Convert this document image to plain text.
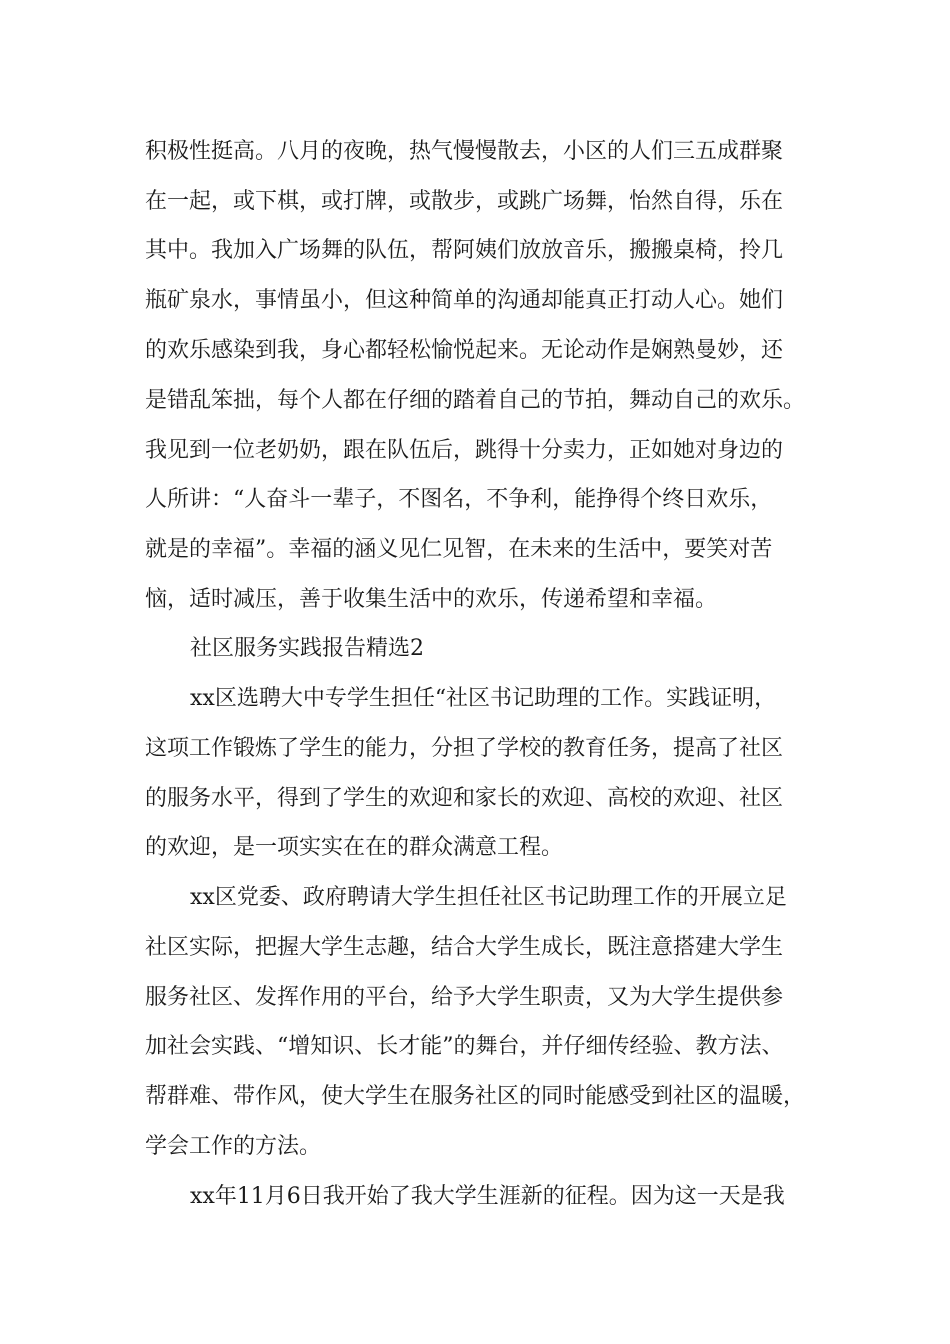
积极性挺高。八月的夜晚，热气慢慢散去，小区的人们三五成群聚
在一起，或下棋，或打牌，或散步，或跳广场舞，怡然自得，乐在
其中。我加入广场舞的队伍，帮阿姨们放放音乐，搬搬桌椅，拎几
瓶矿泉水，事情虽小，但这种简单的沟通却能真正打动人心。她们
的欢乐感染到我，身心都轻松愉悦起来。无论动作是娴熟曼妙，还
是错乱笨拙，每个人都在仔细的踏着自己的节拍，舞动自己的欢乐。
我见到一位老奶奶，跟在队伍后，跳得十分卖力，正如她对身边的
人所讲：“人奋斗一辈子，不图名，不争利，能挣得个终日欢乐，
就是的幸福”。幸福的涵义见仁见智，在未来的生活中，要笑对苦
恼，适时减压，善于收集生活中的欢乐，传递希望和幸福。
社区服务实践报告精选2
xx区选聘大中专学生担任“社区书记助理的工作。实践证明，
这项工作锻炼了学生的能力，分担了学校的教育任务，提高了社区
的服务水平，得到了学生的欢迎和家长的欢迎、高校的欢迎、社区
的欢迎，是一项实实在在的群众满意工程。
xx区党委、政府聘请大学生担任社区书记助理工作的开展立足
社区实际，把握大学生志趣，结合大学生成长，既注意搭建大学生
服务社区、发挥作用的平台，给予大学生职责，又为大学生提供参
加社会实践、“增知识、长才能”的舞台，并仔细传经验、教方法、
帮群难、带作风，使大学生在服务社区的同时能感受到社区的温暖，
学会工作的方法。
xx年11月6日我开始了我大学生涯新的征程。因为这一天是我
